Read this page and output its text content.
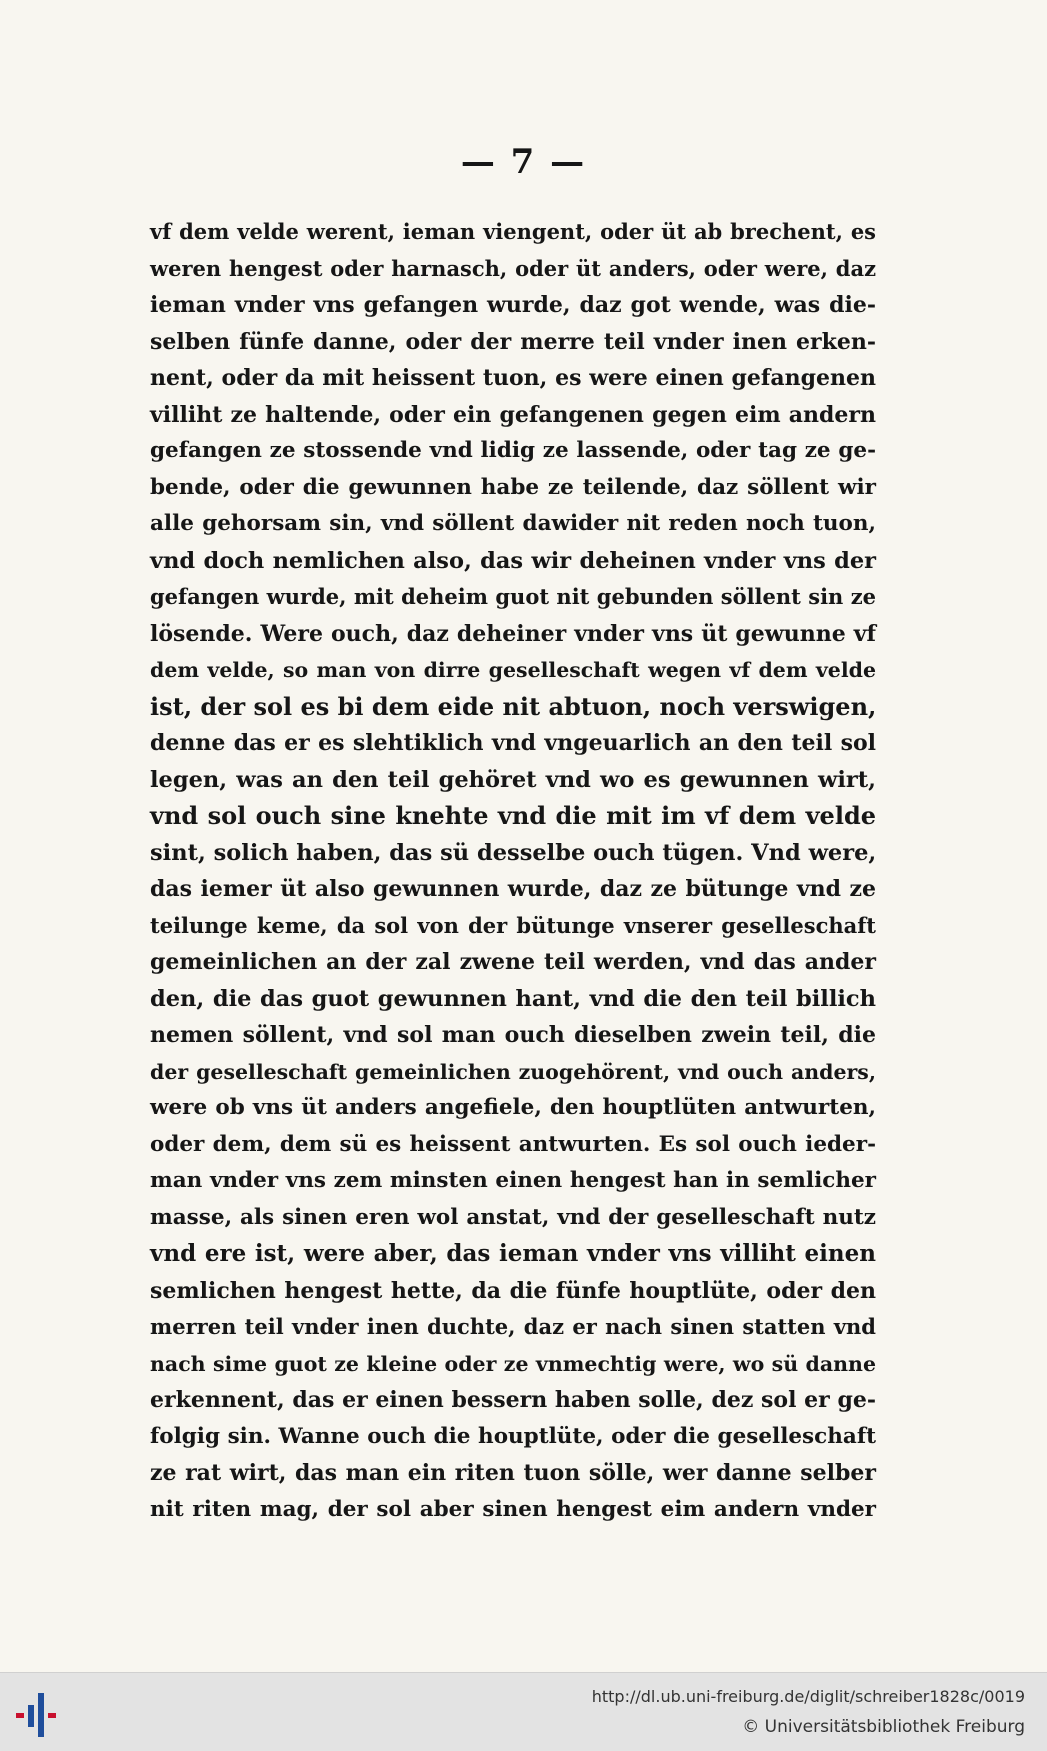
— 7 —
vf dem velde werent, ieman viengent, oder üt ab brechent, es
weren hengest oder harnasch, oder üt anders, oder were, daz
ieman vnder vns gefangen wurde, daz got wende, was die-
selben fünfe danne, oder der merre teil vnder inen erken-
nent, oder da mit heissent tuon, es were einen gefangenen
villiht ze haltende, oder ein gefangenen gegen eim andern
gefangen ze stossende vnd lidig ze lassende, oder tag ze ge-
bende, oder die gewunnen habe ze teilende, daz söllent wir
alle gehorsam sin, vnd söllent dawider nit reden noch tuon,
vnd doch nemlichen also, das wir deheinen vnder vns der
gefangen wurde, mit deheim guot nit gebunden söllent sin ze
lösende. Were ouch, daz deheiner vnder vns üt gewunne vf
dem velde, so man von dirre geselleschaft wegen vf dem velde
ist, der sol es bi dem eide nit abtuon, noch verswigen,
denne das er es slehtiklich vnd vngeuarlich an den teil sol
legen, was an den teil gehöret vnd wo es gewunnen wirt,
vnd sol ouch sine knehte vnd die mit im vf dem velde
sint, solich haben, das sü desselbe ouch tügen. Vnd were,
das iemer üt also gewunnen wurde, daz ze bütunge vnd ze
teilunge keme, da sol von der bütunge vnserer geselleschaft
gemeinlichen an der zal zwene teil werden, vnd das ander
den, die das guot gewunnen hant, vnd die den teil billich
nemen söllent, vnd sol man ouch dieselben zwein teil, die
der geselleschaft gemeinlichen zuogehörent, vnd ouch anders,
were ob vns üt anders angefiele, den houptlüten antwurten,
oder dem, dem sü es heissent antwurten. Es sol ouch ieder-
man vnder vns zem minsten einen hengest han in semlicher
masse, als sinen eren wol anstat, vnd der geselleschaft nutz
vnd ere ist, were aber, das ieman vnder vns villiht einen
semlichen hengest hette, da die fünfe houptlüte, oder den
merren teil vnder inen duchte, daz er nach sinen statten vnd
nach sime guot ze kleine oder ze vnmechtig were, wo sü danne
erkennent, das er einen bessern haben solle, dez sol er ge-
folgig sin. Wanne ouch die houptlüte, oder die geselleschaft
ze rat wirt, das man ein riten tuon sölle, wer danne selber
nit riten mag, der sol aber sinen hengest eim andern vnder
http://dl.ub.uni-freiburg.de/diglit/schreiber1828c/0019
© Universitätsbibliothek Freiburg
